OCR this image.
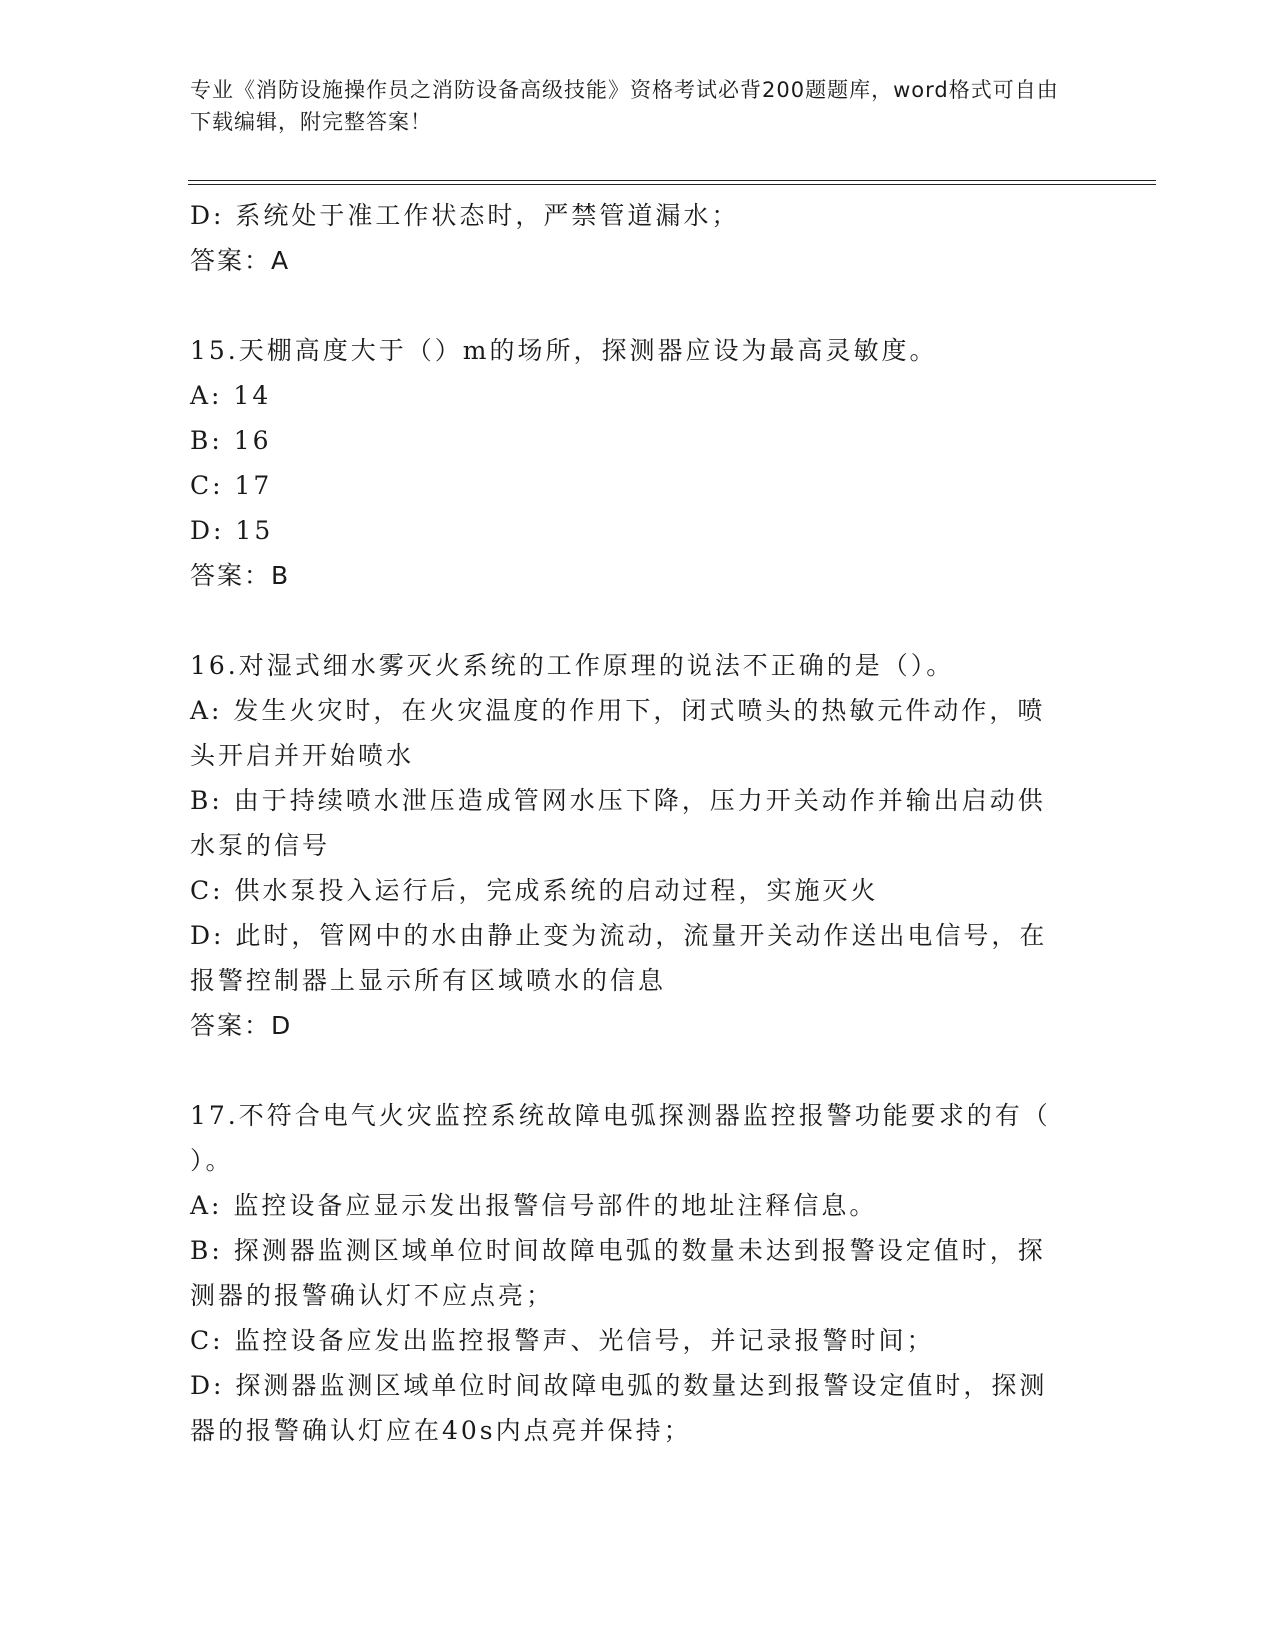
专业《消防设施操作员之消防设备高级技能》资格考试必背200题题库，word格式可自由下载编辑，附完整答案！
D: 系统处于准工作状态时，严禁管道漏水；
答案：A
15.天棚高度大于（）m的场所，探测器应设为最高灵敏度。
A: 14
B: 16
C: 17
D: 15
答案：B
16.对湿式细水雾灭火系统的工作原理的说法不正确的是（）。
A: 发生火灾时，在火灾温度的作用下，闭式喷头的热敏元件动作，喷
头开启并开始喷水
B: 由于持续喷水泄压造成管网水压下降，压力开关动作并输出启动供
水泵的信号
C: 供水泵投入运行后，完成系统的启动过程，实施灭火
D: 此时，管网中的水由静止变为流动，流量开关动作送出电信号，在
报警控制器上显示所有区域喷水的信息
答案：D
17.不符合电气火灾监控系统故障电弧探测器监控报警功能要求的有（
）。
A: 监控设备应显示发出报警信号部件的地址注释信息。
B: 探测器监测区域单位时间故障电弧的数量未达到报警设定值时，探
测器的报警确认灯不应点亮；
C: 监控设备应发出监控报警声、光信号，并记录报警时间；
D: 探测器监测区域单位时间故障电弧的数量达到报警设定值时，探测
器的报警确认灯应在40s内点亮并保持；
